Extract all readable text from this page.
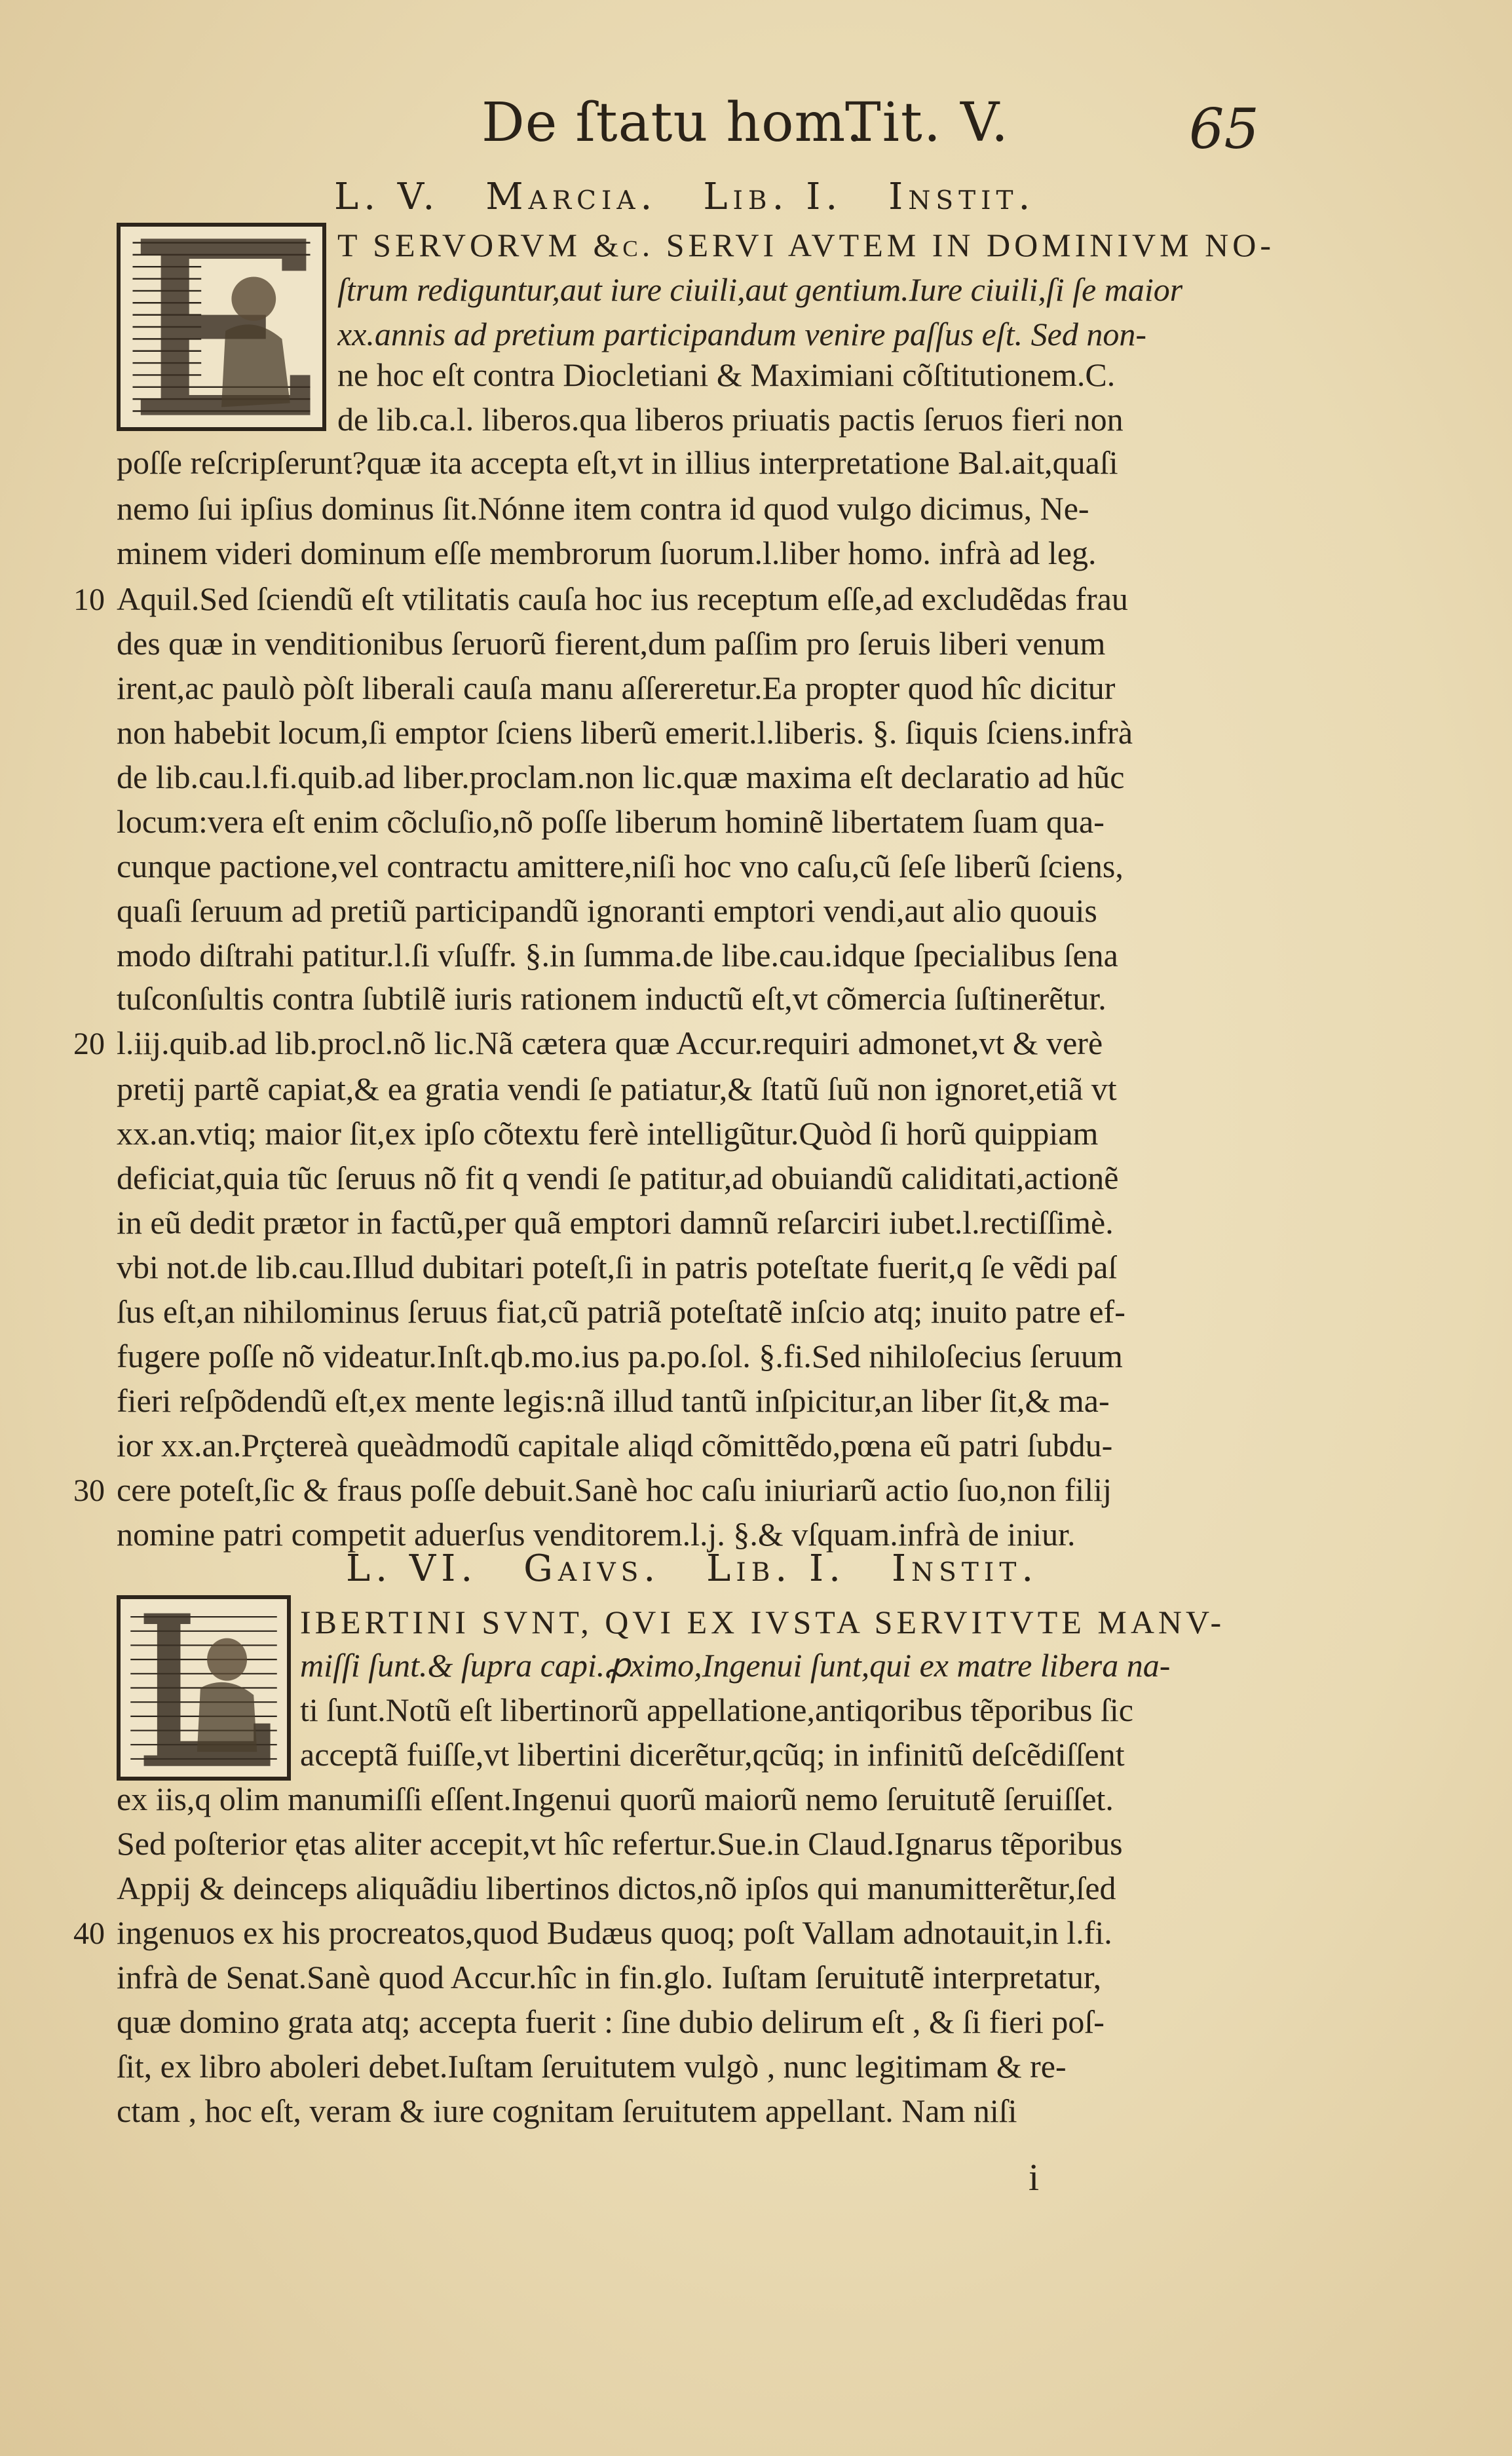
De ſtatu hom.
Tit. V.	65
L. V. Marcia. Lib. I. Instit.
T SERVORVM &c. SERVI AVTEM IN DOMINIVM NO-
ſtrum rediguntur,aut iure ciuili,aut gentium.Iure ciuili,ſi ſe maior
xx.annis ad pretium participandum venire paſſus eſt. Sed non-
ne hoc eſt contra Diocletiani & Maximiani cõſtitutionem.C.
de lib.ca.l. liberos.qua liberos priuatis pactis ſeruos fieri non
poſſe reſcripſerunt?quæ ita accepta eſt,vt in illius interpretatione Bal.ait,quaſi
nemo ſui ipſius dominus ſit.Nónne item contra id quod vulgo dicimus, Ne-
minem videri dominum eſſe membrorum ſuorum.l.liber homo. infrà ad leg.
Aquil.Sed ſciendũ eſt vtilitatis cauſa hoc ius receptum eſſe,ad excludẽdas frau
des quæ in venditionibus ſeruorũ fierent,dum paſſim pro ſeruis liberi venum
irent,ac paulò pòſt liberali cauſa manu aſſereretur.Ea propter quod hîc dicitur
non habebit locum,ſi emptor ſciens liberũ emerit.l.liberis. §. ſiquis ſciens.infrà
de lib.cau.l.fi.quib.ad liber.proclam.non lic.quæ maxima eſt declaratio ad hũc
locum:vera eſt enim cõcluſio,nõ poſſe liberum hominẽ libertatem ſuam qua-
cunque pactione,vel contractu amittere,niſi hoc vno caſu,cũ ſeſe liberũ ſciens,
quaſi ſeruum ad pretiũ participandũ ignoranti emptori vendi,aut alio quouis
modo diſtrahi patitur.l.ſi vſuſfr. §.in ſumma.de libe.cau.idque ſpecialibus ſena
tuſconſultis contra ſubtilẽ iuris rationem inductũ eſt,vt cõmercia ſuſtinerẽtur.
l.iij.quib.ad lib.procl.nõ lic.Nã cætera quæ Accur.requiri admonet,vt & verè
pretij partẽ capiat,& ea gratia vendi ſe patiatur,& ſtatũ ſuũ non ignoret,etiã vt
xx.an.vtiq; maior ſit,ex ipſo cõtextu ferè intelligũtur.Quòd ſi horũ quippiam
deficiat,quia tũc ſeruus nõ fit q vendi ſe patitur,ad obuiandũ caliditati,actionẽ
in eũ dedit prætor in factũ,per quã emptori damnũ reſarciri iubet.l.rectiſſimè.
vbi not.de lib.cau.Illud dubitari poteſt,ſi in patris poteſtate fuerit,q ſe vẽdi paſ
ſus eſt,an nihilominus ſeruus fiat,cũ patriã poteſtatẽ inſcio atq; inuito patre ef-
fugere poſſe nõ videatur.Inſt.qb.mo.ius pa.po.ſol. §.fi.Sed nihiloſecius ſeruum
fieri reſpõdendũ eſt,ex mente legis:nã illud tantũ inſpicitur,an liber ſit,& ma-
ior xx.an.Prçtereà queàdmodũ capitale aliqd cõmittẽdo,pœna eũ patri ſubdu-
cere poteſt,ſic & fraus poſſe debuit.Sanè hoc caſu iniuriarũ actio ſuo,non filij
nomine patri competit aduerſus venditorem.l.j. §.& vſquam.infrà de iniur.
L. VI. Gaivs. Lib. I. Instit.
IBERTINI SVNT, QVI EX IVSTA SERVITVTE MANV-
miſſi ſunt.& ſupra capi.ꝓximo,Ingenui ſunt,qui ex matre libera na-
ti ſunt.Notũ eſt libertinorũ appellatione,antiqoribus tẽporibus ſic
acceptã fuiſſe,vt libertini dicerẽtur,qcũq; in infinitũ deſcẽdiſſent
ex iis,q olim manumiſſi eſſent.Ingenui quorũ maiorũ nemo ſeruitutẽ ſeruiſſet.
Sed poſterior ętas aliter accepit,vt hîc refertur.Sue.in Claud.Ignarus tẽporibus
Appij & deinceps aliquãdiu libertinos dictos,nõ ipſos qui manumitterẽtur,ſed
ingenuos ex his procreatos,quod Budæus quoq; poſt Vallam adnotauit,in l.fi.
infrà de Senat.Sanè quod Accur.hîc in fin.glo. Iuſtam ſeruitutẽ interpretatur,
quæ domino grata atq; accepta fuerit : ſine dubio delirum eſt , & ſi fieri poſ-
ſit, ex libro aboleri debet.Iuſtam ſeruitutem vulgò , nunc legitimam & re-
ctam , hoc eſt, veram & iure cognitam ſeruitutem appellant. Nam niſi
10
20
30
40
i
